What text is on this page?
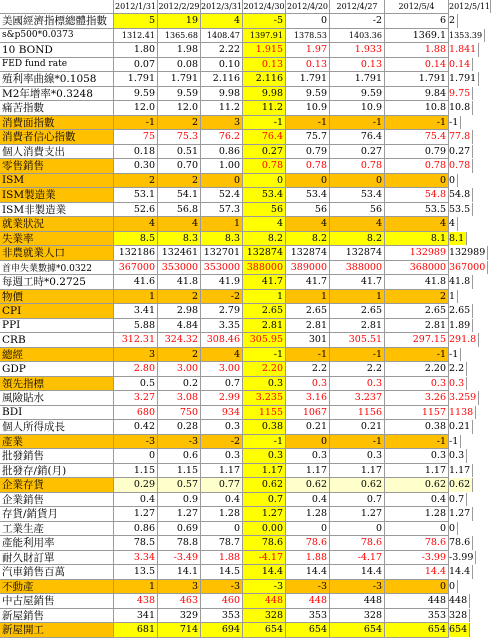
2012/1/31 2012/2/29 2012/3/31 2012/4/30 2012/4/20	2012/4/27	2012/5/4	2012/5/11
美國經濟指標總體指數	5	19	4	-5	0	-2	6 2
s&p500*0.0373	1312.41	1365.68	1408.47	1397.91	1378.53	1403.36	1369.1 1353.39
10 BOND	1.80	1.98	2.22	1.915	1.97	1.933	1.88 1.841
FED fund rate	0.07	0.08	0.10	0.13	0.13	0.13	0.14 0.14
殖利率曲線*0.1058	1.791	1.791	2.116	2.116	1.791	1.791	1.791 1.791
M2年增率*0.3248	9.59	9.59	9.98	9.98	9.59	9.59	9.84 9.75
痛苦指數	12.0	12.0	11.2	11.2	10.9	10.9	10.8 10.8
消費面指數	-1	2	3	-1	-1	-1	-1 -1
消費者信心指數	75	75.3	76.2	76.4	75.7	76.4	75.4 77.8
個人消費支出	0.18	0.51	0.86	0.27	0.79	0.27	0.79 0.27
零售銷售	0.30	0.70	1.00	0.78	0.78	0.78	0.78 0.78
ISM	2	2	0	0	0	0	0 0
ISM製造業	53.1	54.1	52.4	53.4	53.4	53.4	54.8 54.8
ISM非製造業	52.6	56.8	57.3	56	56	56	53.5 53.5
就業狀況	4	4	1	4	4	4	4 4
失業率	8.5	8.3	8.3	8.2	8.2	8.2	8.1 8.1
非農就業人口	132186 132461 132701 132874 132874	132874	132989 132989
首申失業數據*0.0322	367000 353000 353000 388000 389000	388000	368000 367000
每週工時*0.2725	41.6	41.8	41.9	41.7	41.7	41.7	41.8 41.8
物價	1	2	-2	1	1	1	2 1
CPI	3.41	2.98	2.79	2.65	2.65	2.65	2.65 2.65
PPI	5.88	4.84	3.35	2.81	2.81	2.81	2.81 1.89
CRB	312.31	324.32 308.46	305.95	301	305.51	297.15 291.8
總經	3	2	4	-1	-1	-1	-1 -1
GDP	2.80	3.00	3.00	2.20	2.2	2.2	2.20 2.2
領先指標	0.5	0.2	0.7	0.3	0.3	0.3	0.3 0.3
風險貼水	3.27	3.08	2.99	3.235	3.16	3.237	3.26 3.259
BDI	680	750	934	1155	1067	1156	1157 1138
個人所得成長	0.42	0.28	0.3	0.38	0.21	0.21	0.38 0.21
產業	-3	-3	-2	-1	0	-1	-1 -1
批發銷售	0	0.6	0.3	0.3	0.3	0.3	0.3 0.3
批發存/銷(月)	1.15	1.15	1.17	1.17	1.17	1.17	1.17 1.17
企業存貨	0.29	0.57	0.77	0.62	0.62	0.62	0.62 0.62
企業銷售	0.4	0.9	0.4	0.7	0.4	0.7	0.4 0.7
存貨/銷貨月	1.27	1.27	1.28	1.27	1.28	1.27	1.28 1.27
工業生產	0.86	0.69	0	0.00	0	0	0 0
產能利用率	78.5	78.8	78.7	78.6	78.6	78.6	78.6 78.6
耐久財訂單	3.34	-3.49	1.88	-4.17	1.88	-4.17	-3.99 -3.99
汽車銷售百萬	13.5	14.1	14.5	14.4	14.4	14.4	14.4 14.4
不動產	1	3	-3	-3	-3	-3	0 0
中古屋銷售	438	463	460	448	448	448	448 448
新屋銷售	341	329	353	328	353	328	353 328
新屋開工	681	714	694	654	654	654	654 654
